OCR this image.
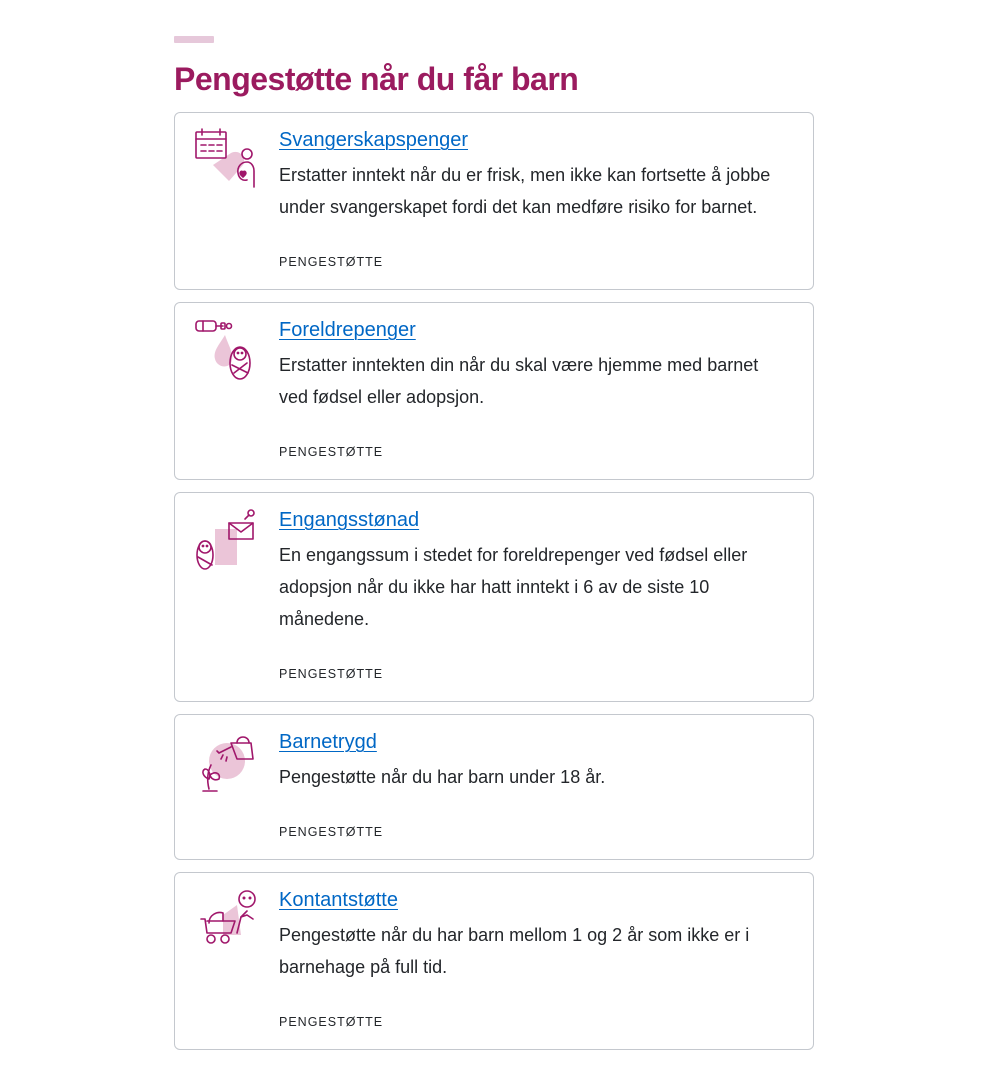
Pengestøtte når du får barn
Svangerskapspenger

Erstatter inntekt når du er frisk, men ikke kan fortsette å jobbe under svangerskapet fordi det kan medføre risiko for barnet.

PENGESTØTTE
Foreldrepenger

Erstatter inntekten din når du skal være hjemme med barnet ved fødsel eller adopsjon.

PENGESTØTTE
Engangsstønad

En engangssum i stedet for foreldrepenger ved fødsel eller adopsjon når du ikke har hatt inntekt i 6 av de siste 10 månedene.

PENGESTØTTE
Barnetrygd

Pengestøtte når du har barn under 18 år.

PENGESTØTTE
Kontantstøtte

Pengestøtte når du har barn mellom 1 og 2 år som ikke er i barnehage på full tid.

PENGESTØTTE
